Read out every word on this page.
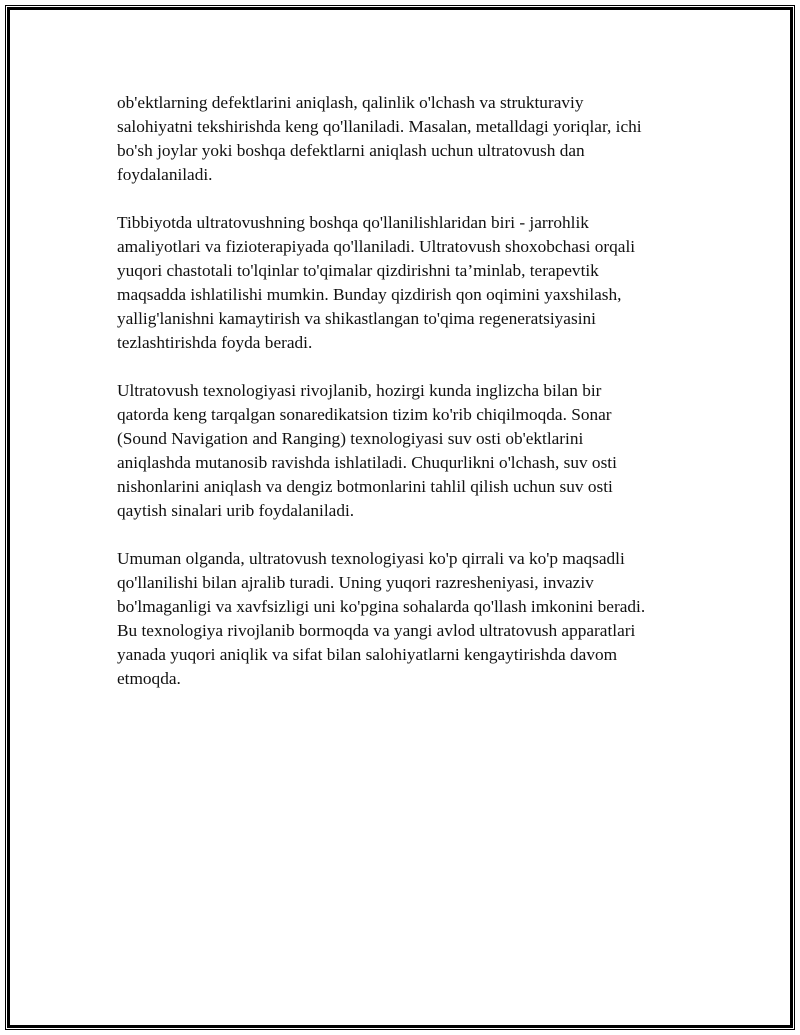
ob'ektlarning defektlarini aniqlash, qalinlik o'lchash va strukturaviy
salohiyatni tekshirishda keng qo'llaniladi. Masalan, metalldagi yoriqlar, ichi
bo'sh joylar yoki boshqa defektlarni aniqlash uchun ultratovush dan
foydalaniladi.

Tibbiyotda ultratovushning boshqa qo'llanilishlaridan biri - jarrohlik
amaliyotlari va fizioterapiyada qo'llaniladi. Ultratovush shoxobchasi orqali
yuqori chastotali to'lqinlar to'qimalar qizdirishni ta’minlab, terapevtik
maqsadda ishlatilishi mumkin. Bunday qizdirish qon oqimini yaxshilash,
yallig'lanishni kamaytirish va shikastlangan to'qima regeneratsiyasini
tezlashtirishda foyda beradi.

Ultratovush texnologiyasi rivojlanib, hozirgi kunda inglizcha bilan bir
qatorda keng tarqalgan sonaredikatsion tizim ko'rib chiqilmoqda. Sonar
(Sound Navigation and Ranging) texnologiyasi suv osti ob'ektlarini
aniqlashda mutanosib ravishda ishlatiladi. Chuqurlikni o'lchash, suv osti
nishonlarini aniqlash va dengiz botmonlarini tahlil qilish uchun suv osti
qaytish sinalari urib foydalaniladi.

Umuman olganda, ultratovush texnologiyasi ko'p qirrali va ko'p maqsadli
qo'llanilishi bilan ajralib turadi. Uning yuqori razresheniyasi, invaziv
bo'lmaganligi va xavfsizligi uni ko'pgina sohalarda qo'llash imkonini beradi.
Bu texnologiya rivojlanib bormoqda va yangi avlod ultratovush apparatlari
yanada yuqori aniqlik va sifat bilan salohiyatlarni kengaytirishda davom
etmoqda.
